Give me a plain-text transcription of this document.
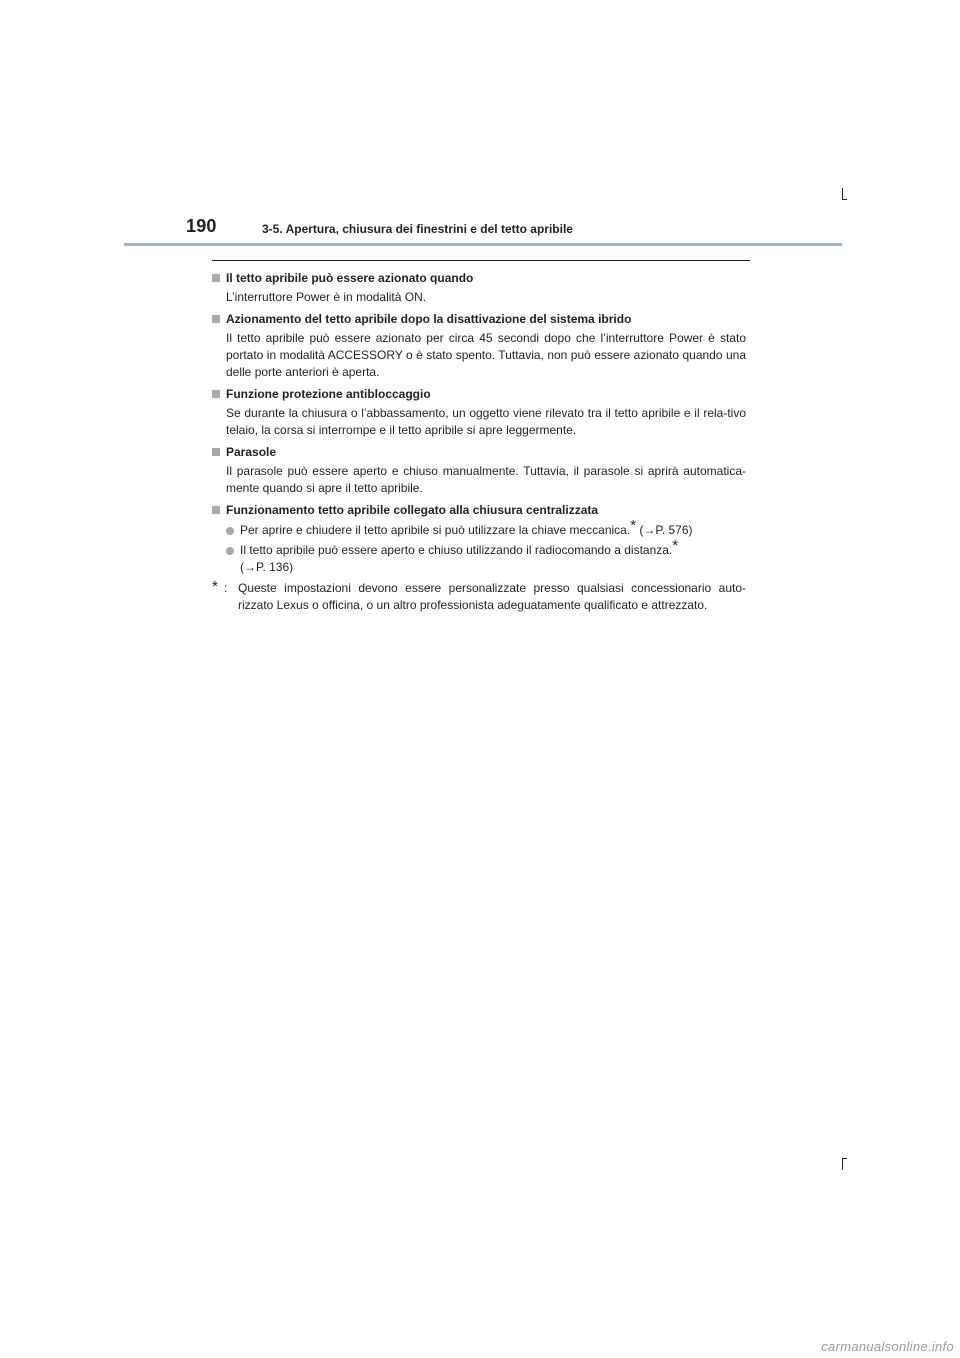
190	3-5. Apertura, chiusura dei finestrini e del tetto apribile
Il tetto apribile può essere azionato quando
L’interruttore Power è in modalità ON.
Azionamento del tetto apribile dopo la disattivazione del sistema ibrido
Il tetto apribile può essere azionato per circa 45 secondi dopo che l’interruttore Power è stato portato in modalità ACCESSORY o è stato spento. Tuttavia, non può essere azionato quando una delle porte anteriori è aperta.
Funzione protezione antibloccaggio
Se durante la chiusura o l’abbassamento, un oggetto viene rilevato tra il tetto apribile e il rela-tivo telaio, la corsa si interrompe e il tetto apribile si apre leggermente.
Parasole
Il parasole può essere aperto e chiuso manualmente. Tuttavia, il parasole si aprirà automatica-mente quando si apre il tetto apribile.
Funzionamento tetto apribile collegato alla chiusura centralizzata
Per aprire e chiudere il tetto apribile si può utilizzare la chiave meccanica.* (→P. 576)
Il tetto apribile può essere aperto e chiuso utilizzando il radiocomando a distanza.*
(→P. 136)
* : Queste impostazioni devono essere personalizzate presso qualsiasi concessionario auto-rizzato Lexus o officina, o un altro professionista adeguatamente qualificato e attrezzato.
carmanualsonline.info
